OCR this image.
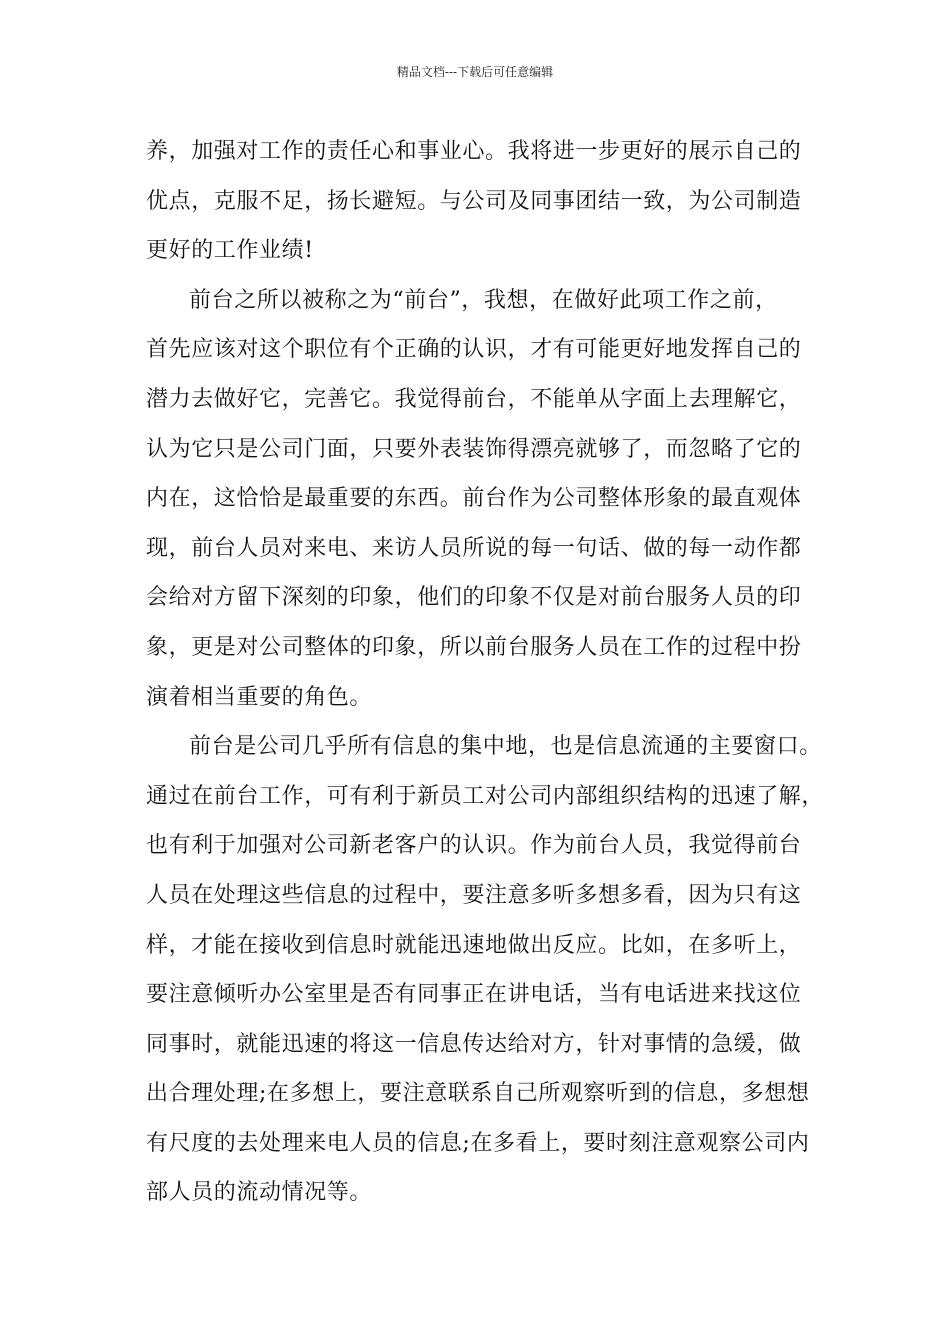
精品文档---下载后可任意编辑
养，加强对工作的责任心和事业心。我将进一步更好的展示自己的
优点，克服不足，扬长避短。与公司及同事团结一致，为公司制造
更好的工作业绩!
前台之所以被称之为“前台”，我想，在做好此项工作之前，
首先应该对这个职位有个正确的认识，才有可能更好地发挥自己的
潜力去做好它，完善它。我觉得前台，不能单从字面上去理解它，
认为它只是公司门面，只要外表装饰得漂亮就够了，而忽略了它的
内在，这恰恰是最重要的东西。前台作为公司整体形象的最直观体
现，前台人员对来电、来访人员所说的每一句话、做的每一动作都
会给对方留下深刻的印象，他们的印象不仅是对前台服务人员的印
象，更是对公司整体的印象，所以前台服务人员在工作的过程中扮
演着相当重要的角色。
前台是公司几乎所有信息的集中地，也是信息流通的主要窗口。
通过在前台工作，可有利于新员工对公司内部组织结构的迅速了解，
也有利于加强对公司新老客户的认识。作为前台人员，我觉得前台
人员在处理这些信息的过程中，要注意多听多想多看，因为只有这
样，才能在接收到信息时就能迅速地做出反应。比如，在多听上，
要注意倾听办公室里是否有同事正在讲电话，当有电话进来找这位
同事时，就能迅速的将这一信息传达给对方，针对事情的急缓，做
出合理处理;在多想上，要注意联系自己所观察听到的信息，多想想
有尺度的去处理来电人员的信息;在多看上，要时刻注意观察公司内
部人员的流动情况等。
